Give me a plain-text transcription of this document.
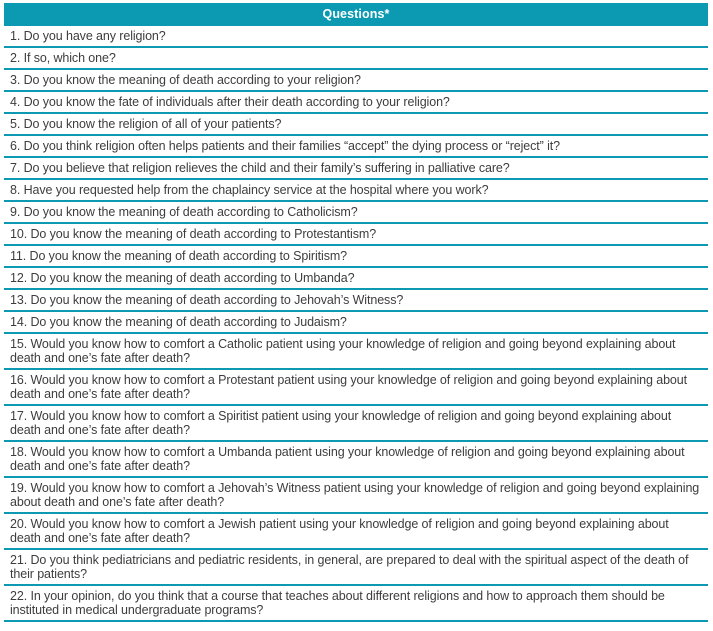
Questions*
1. Do you have any religion?
2. If so, which one?
3. Do you know the meaning of death according to your religion?
4. Do you know the fate of individuals after their death according to your religion?
5. Do you know the religion of all of your patients?
6. Do you think religion often helps patients and their families “accept” the dying process or “reject” it?
7. Do you believe that religion relieves the child and their family’s suffering in palliative care?
8. Have you requested help from the chaplaincy service at the hospital where you work?
9. Do you know the meaning of death according to Catholicism?
10. Do you know the meaning of death according to Protestantism?
11. Do you know the meaning of death according to Spiritism?
12. Do you know the meaning of death according to Umbanda?
13. Do you know the meaning of death according to Jehovah’s Witness?
14. Do you know the meaning of death according to Judaism?
15. Would you know how to comfort a Catholic patient using your knowledge of religion and going beyond explaining about death and one’s fate after death?
16. Would you know how to comfort a Protestant patient using your knowledge of religion and going beyond explaining about death and one’s fate after death?
17. Would you know how to comfort a Spiritist patient using your knowledge of religion and going beyond explaining about death and one’s fate after death?
18. Would you know how to comfort a Umbanda patient using your knowledge of religion and going beyond explaining about death and one’s fate after death?
19. Would you know how to comfort a Jehovah’s Witness patient using your knowledge of religion and going beyond explaining about death and one’s fate after death?
20. Would you know how to comfort a Jewish patient using your knowledge of religion and going beyond explaining about death and one’s fate after death?
21. Do you think pediatricians and pediatric residents, in general, are prepared to deal with the spiritual aspect of the death of their patients?
22. In your opinion, do you think that a course that teaches about different religions and how to approach them should be instituted in medical undergraduate programs?
